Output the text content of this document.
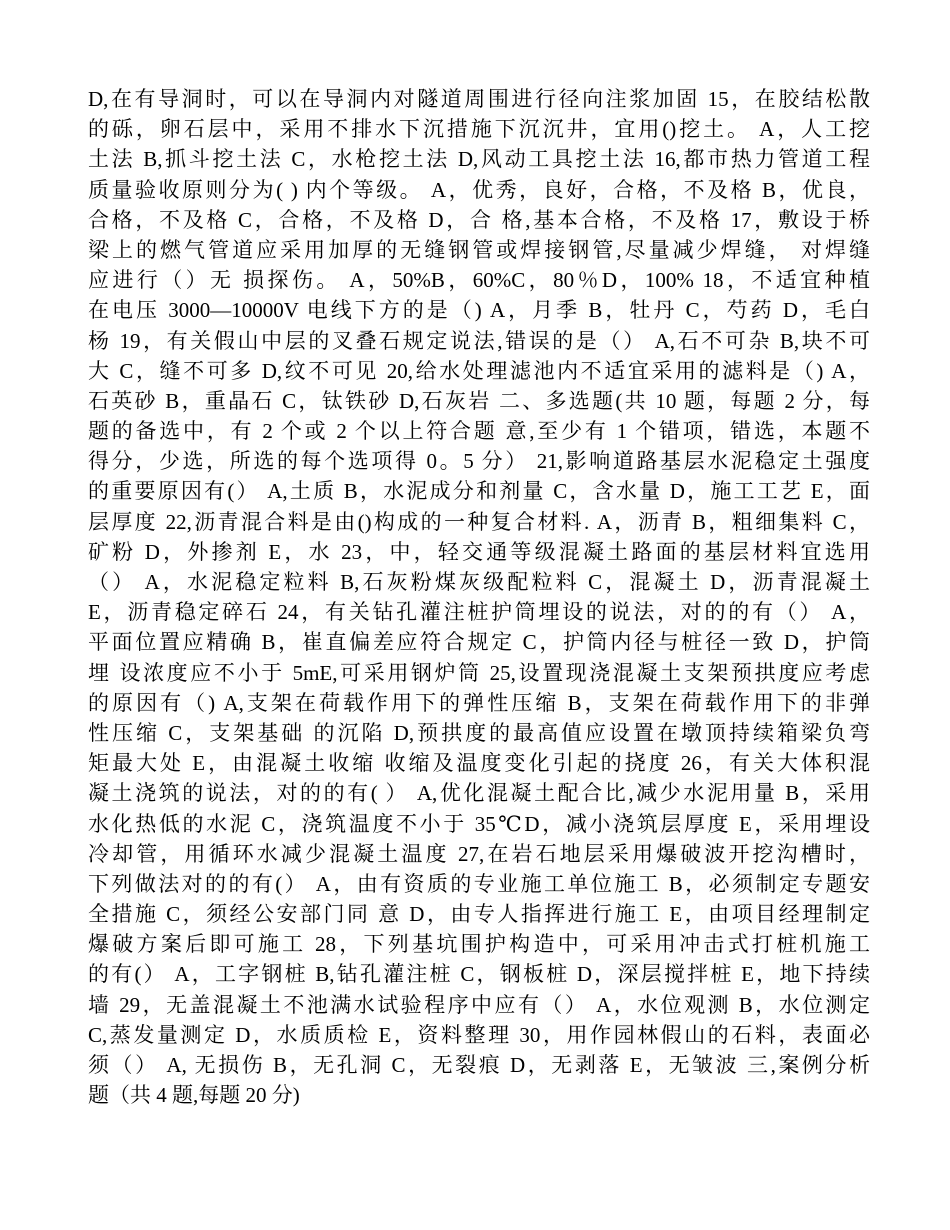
D,在有导洞时，可以在导洞内对隧道周围进行径向注浆加固 15，在胶结松散
的砾，卵石层中，采用不排水下沉措施下沉沉井，宜用()挖土。 A，人工挖
土法 B,抓斗挖土法 C，水枪挖土法 D,风动工具挖土法 16,都市热力管道工程
质量验收原则分为( ) 内个等级。 A，优秀，良好，合格，不及格 B，优良，
合格，不及格 C，合格，不及格 D，合 格,基本合格，不及格 17，敷设于桥
梁上的燃气管道应采用加厚的无缝钢管或焊接钢管,尽量减少焊缝， 对焊缝
应进行（）无 损探伤。 A，50%B，60%C，80％D，100% 18，不适宜种植
在电压 3000—10000V 电线下方的是（) A，月季 B，牡丹 C，芍药 D，毛白
杨 19，有关假山中层的叉叠石规定说法,错误的是（） A,石不可杂 B,块不可
大 C，缝不可多 D,纹不可见 20,给水处理滤池内不适宜采用的滤料是（) A，
石英砂 B，重晶石 C，钛铁砂 D,石灰岩 二、多选题(共 10 题，每题 2 分，每
题的备选中，有 2 个或 2 个以上符合题 意,至少有 1 个错项，错选，本题不
得分，少选，所选的每个选项得 0。5 分） 21,影响道路基层水泥稳定土强度
的重要原因有(） A,土质 B，水泥成分和剂量 C，含水量 D，施工工艺 E，面
层厚度 22,沥青混合料是由()构成的一种复合材料. A，沥青 B，粗细集料 C，
矿粉 D，外掺剂 E，水 23，中，轻交通等级混凝土路面的基层材料宜选用
（） A，水泥稳定粒料 B,石灰粉煤灰级配粒料 C，混凝土 D，沥青混凝土
E，沥青稳定碎石 24，有关钻孔灌注桩护筒埋设的说法，对的的有（） A，
平面位置应精确 B，崔直偏差应符合规定 C，护筒内径与桩径一致 D，护筒
埋 设浓度应不小于 5mE,可采用钢炉筒 25,设置现浇混凝土支架预拱度应考虑
的原因有（) A,支架在荷载作用下的弹性压缩 B，支架在荷载作用下的非弹
性压缩 C，支架基础 的沉陷 D,预拱度的最高值应设置在墩顶持续箱梁负弯
矩最大处 E，由混凝土收缩 收缩及温度变化引起的挠度 26，有关大体积混
凝土浇筑的说法，对的的有( ） A,优化混凝土配合比,减少水泥用量 B，采用
水化热低的水泥 C，浇筑温度不小于 35℃D，减小浇筑层厚度 E，采用埋设
冷却管，用循环水减少混凝土温度 27,在岩石地层采用爆破波开挖沟槽时，
下列做法对的的有(） A，由有资质的专业施工单位施工 B，必须制定专题安
全措施 C，须经公安部门同 意 D，由专人指挥进行施工 E，由项目经理制定
爆破方案后即可施工 28，下列基坑围护构造中，可采用冲击式打桩机施工
的有(） A，工字钢桩 B,钻孔灌注桩 C，钢板桩 D，深层搅拌桩 E，地下持续
墙 29，无盖混凝土不池满水试验程序中应有（） A，水位观测 B，水位测定
C,蒸发量测定 D，水质质检 E，资料整理 30，用作园林假山的石料，表面必
须（） A, 无损伤 B，无孔洞 C，无裂痕 D，无剥落 E，无皱波 三,案例分析
题（共 4 题,每题 20 分)
